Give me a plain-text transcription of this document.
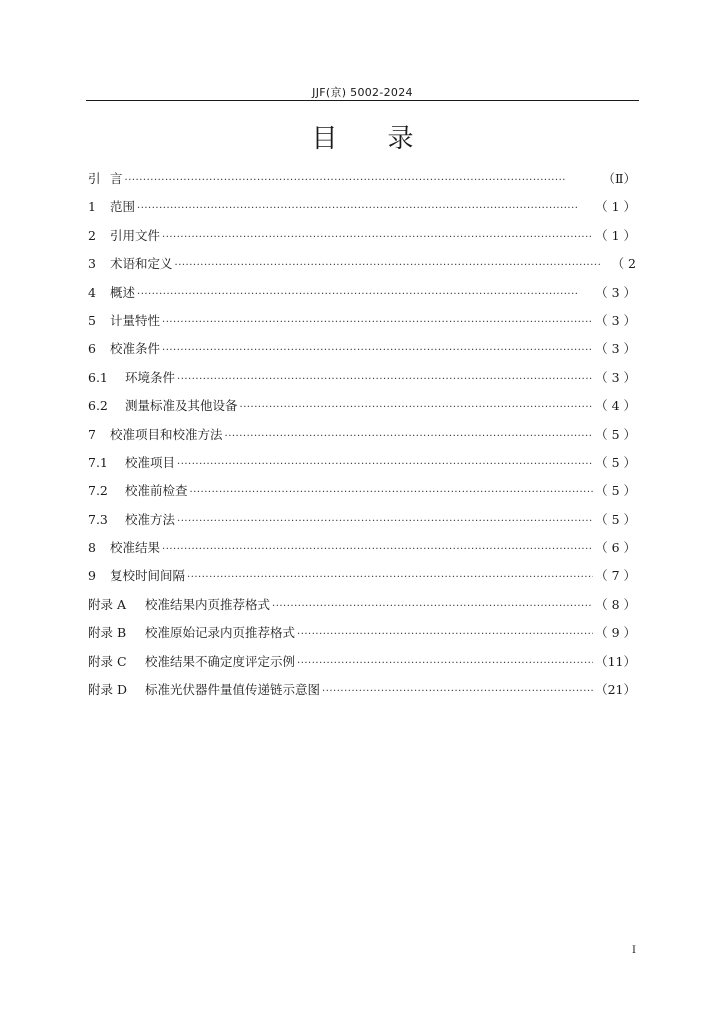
JJF(京) 5002-2024
目录
引 言 ·····	（Ⅱ）
1	范围 ·····	（ 1 ）
2	引用文件 ·····	（ 1 ）
3	术语和定义 ·····	（ 2
4	概述 ·····	（ 3 ）
5	计量特性 ·····	（ 3 ）
6	校准条件 ·····	（ 3 ）
6.1	环境条件 ·····	（ 3 ）
6.2	测量标准及其他设备 ·····	（ 4 ）
7	校准项目和校准方法 ·····	（ 5 ）
7.1	校准项目 ·····	（ 5 ）
7.2	校准前检查 ·····	（ 5 ）
7.3	校准方法 ·····	（ 5 ）
8	校准结果 ·····	（ 6 ）
9	复校时间间隔 ·····	（ 7 ）
附录 A	校准结果内页推荐格式 ·····	（ 8 ）
附录 B	校准原始记录内页推荐格式 ·····	（ 9 ）
附录 C	校准结果不确定度评定示例 ·····	（11）
附录 D	标准光伏器件量值传递链示意图 ·····	（21）
I
